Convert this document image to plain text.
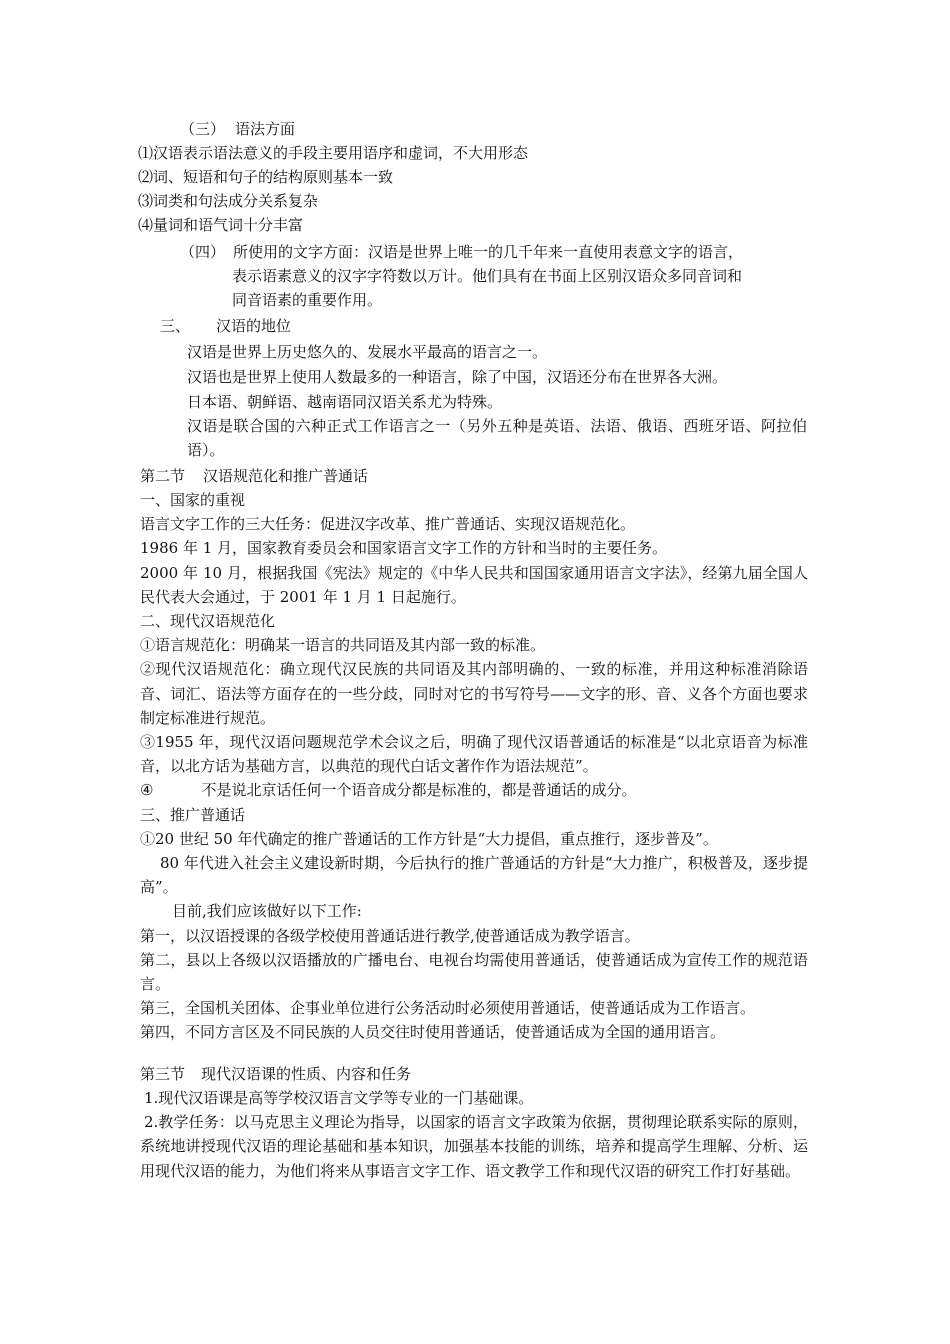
（三） 语法方面
⑴汉语表示语法意义的手段主要用语序和虚词，不大用形态
⑵词、短语和句子的结构原则基本一致
⑶词类和句法成分关系复杂
⑷量词和语气词十分丰富
（四） 所使用的文字方面：汉语是世界上唯一的几千年来一直使用表意文字的语言，
表示语素意义的汉字字符数以万计。他们具有在书面上区别汉语众多同音词和
同音语素的重要作用。
三、 汉语的地位
汉语是世界上历史悠久的、发展水平最高的语言之一。
汉语也是世界上使用人数最多的一种语言，除了中国，汉语还分布在世界各大洲。
日本语、朝鲜语、越南语同汉语关系尤为特殊。
汉语是联合国的六种正式工作语言之一（另外五种是英语、法语、俄语、西班牙语、阿拉伯语）。
第二节 汉语规范化和推广普通话

一、国家的重视

语言文字工作的三大任务：促进汉字改革、推广普通话、实现汉语规范化。

1986 年 1 月，国家教育委员会和国家语言文字工作的方针和当时的主要任务。

2000 年 10 月，根据我国《宪法》规定的《中华人民共和国国家通用语言文字法》，经第九届全国人民代表大会通过，于 2001 年 1 月 1 日起施行。

二、现代汉语规范化

①语言规范化：明确某一语言的共同语及其内部一致的标准。

②现代汉语规范化：确立现代汉民族的共同语及其内部明确的、一致的标准，并用这种标准消除语音、词汇、语法等方面存在的一些分歧，同时对它的书写符号——文字的形、音、义各个方面也要求制定标准进行规范。

③1955 年，现代汉语问题规范学术会议之后，明确了现代汉语普通话的标准是“以北京语音为标准音，以北方话为基础方言，以典范的现代白话文著作作为语法规范”。

④	不是说北京话任何一个语音成分都是标准的，都是普通话的成分。

三、推广普通话

①20 世纪 50 年代确定的推广普通话的工作方针是“大力提倡，重点推行，逐步普及”。

80 年代进入社会主义建设新时期，今后执行的推广普通话的方针是“大力推广，积极普及，逐步提高”。

目前,我们应该做好以下工作:

第一，以汉语授课的各级学校使用普通话进行教学,使普通话成为教学语言。

第二，县以上各级以汉语播放的广播电台、电视台均需使用普通话，使普通话成为宣传工作的规范语言。

第三，全国机关团体、企事业单位进行公务活动时必须使用普通话，使普通话成为工作语言。

第四，不同方言区及不同民族的人员交往时使用普通话，使普通话成为全国的通用语言。

第三节 现代汉语课的性质、内容和任务

1.现代汉语课是高等学校汉语言文学等专业的一门基础课。

2.教学任务：以马克思主义理论为指导，以国家的语言文字政策为依据，贯彻理论联系实际的原则，系统地讲授现代汉语的理论基础和基本知识，加强基本技能的训练，培养和提高学生理解、分析、运用现代汉语的能力，为他们将来从事语言文字工作、语文教学工作和现代汉语的研究工作打好基础。
